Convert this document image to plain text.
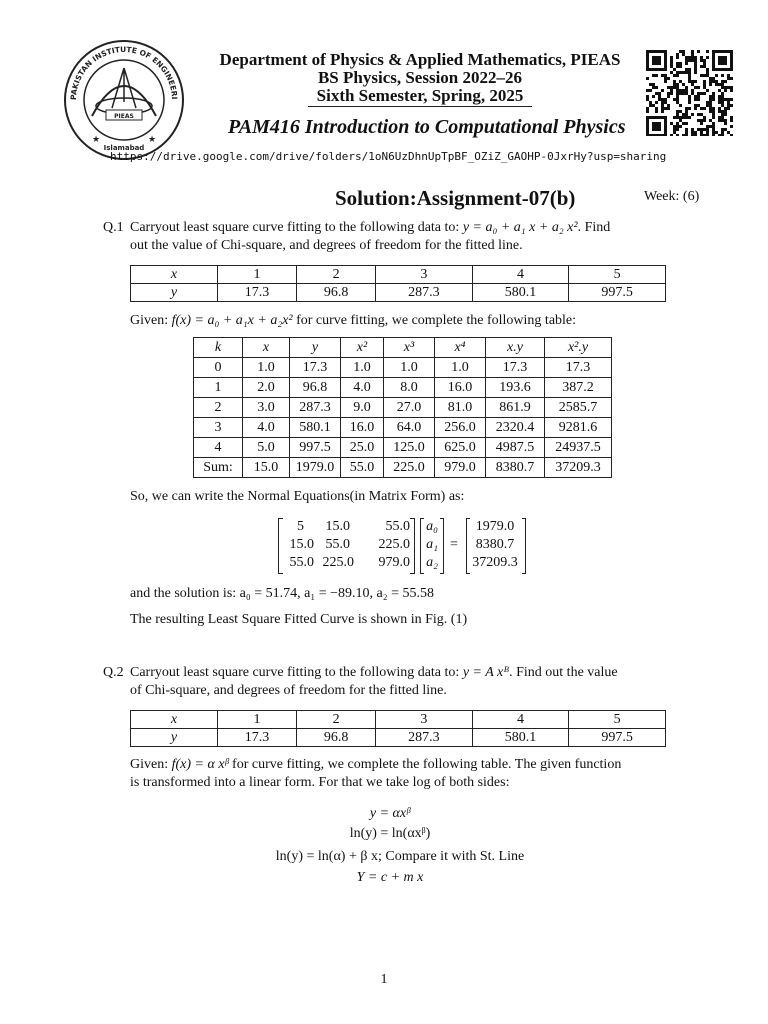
PAKISTAN INSTITUTE OF ENGINEERI
PIEAS
Islamabad
★	★
Department of Physics & Applied Mathematics, PIEAS
BS Physics, Session 2022–26
Sixth Semester, Spring, 2025
PAM416 Introduction to Computational Physics
https://drive.google.com/drive/folders/1oN6UzDhnUpTpBF_OZiZ_GAOHP-0JxrHy?usp=sharing
Solution:Assignment-07(b)	Week: (6)
Q.1 Carryout least square curve fitting to the following data to: y = a₀ + a₁ x + a₂ x². Find
out the value of Chi-square, and degrees of freedom for the fitted line.
x	1	2	3	4	5
y	17.3	96.8	287.3	580.1	997.5
Given: f(x) = a₀ + a₁x + a₂x² for curve fitting, we complete the following table:
k	x	y	x²	x³	x⁴	x.y	x².y
0	1.0	17.3	1.0	1.0	1.0	17.3	17.3
1	2.0	96.8	4.0	8.0	16.0	193.6	387.2
2	3.0	287.3	9.0	27.0	81.0	861.9	2585.7
3	4.0	580.1	16.0	64.0	256.0	2320.4	9281.6
4	5.0	997.5	25.0	125.0	625.0	4987.5	24937.5
Sum:	15.0	1979.0	55.0	225.0	979.0	8380.7	37209.3
So, we can write the Normal Equations(in Matrix Form) as:
5	15.0	55.0
15.0 55.0	225.0
55.0 225.0	979.0
a₀
a₁
a₂
=
1979.0
8380.7
37209.3
and the solution is: a₀ = 51.74, a₁ = −89.10, a₂ = 55.58
The resulting Least Square Fitted Curve is shown in Fig. (1)
Q.2 Carryout least square curve fitting to the following data to: y = A xᴮ. Find out the value
of Chi-square, and degrees of freedom for the fitted line.
x	1	2	3	4	5
y	17.3	96.8	287.3	580.1	997.5
Given: f(x) = α xᵝ for curve fitting, we complete the following table. The given function
is transformed into a linear form. For that we take log of both sides:
y = αxᵝ
ln(y) = ln(αxᵝ)
ln(y) = ln(α) + β x; Compare it with St. Line
Y = c + m x
1
